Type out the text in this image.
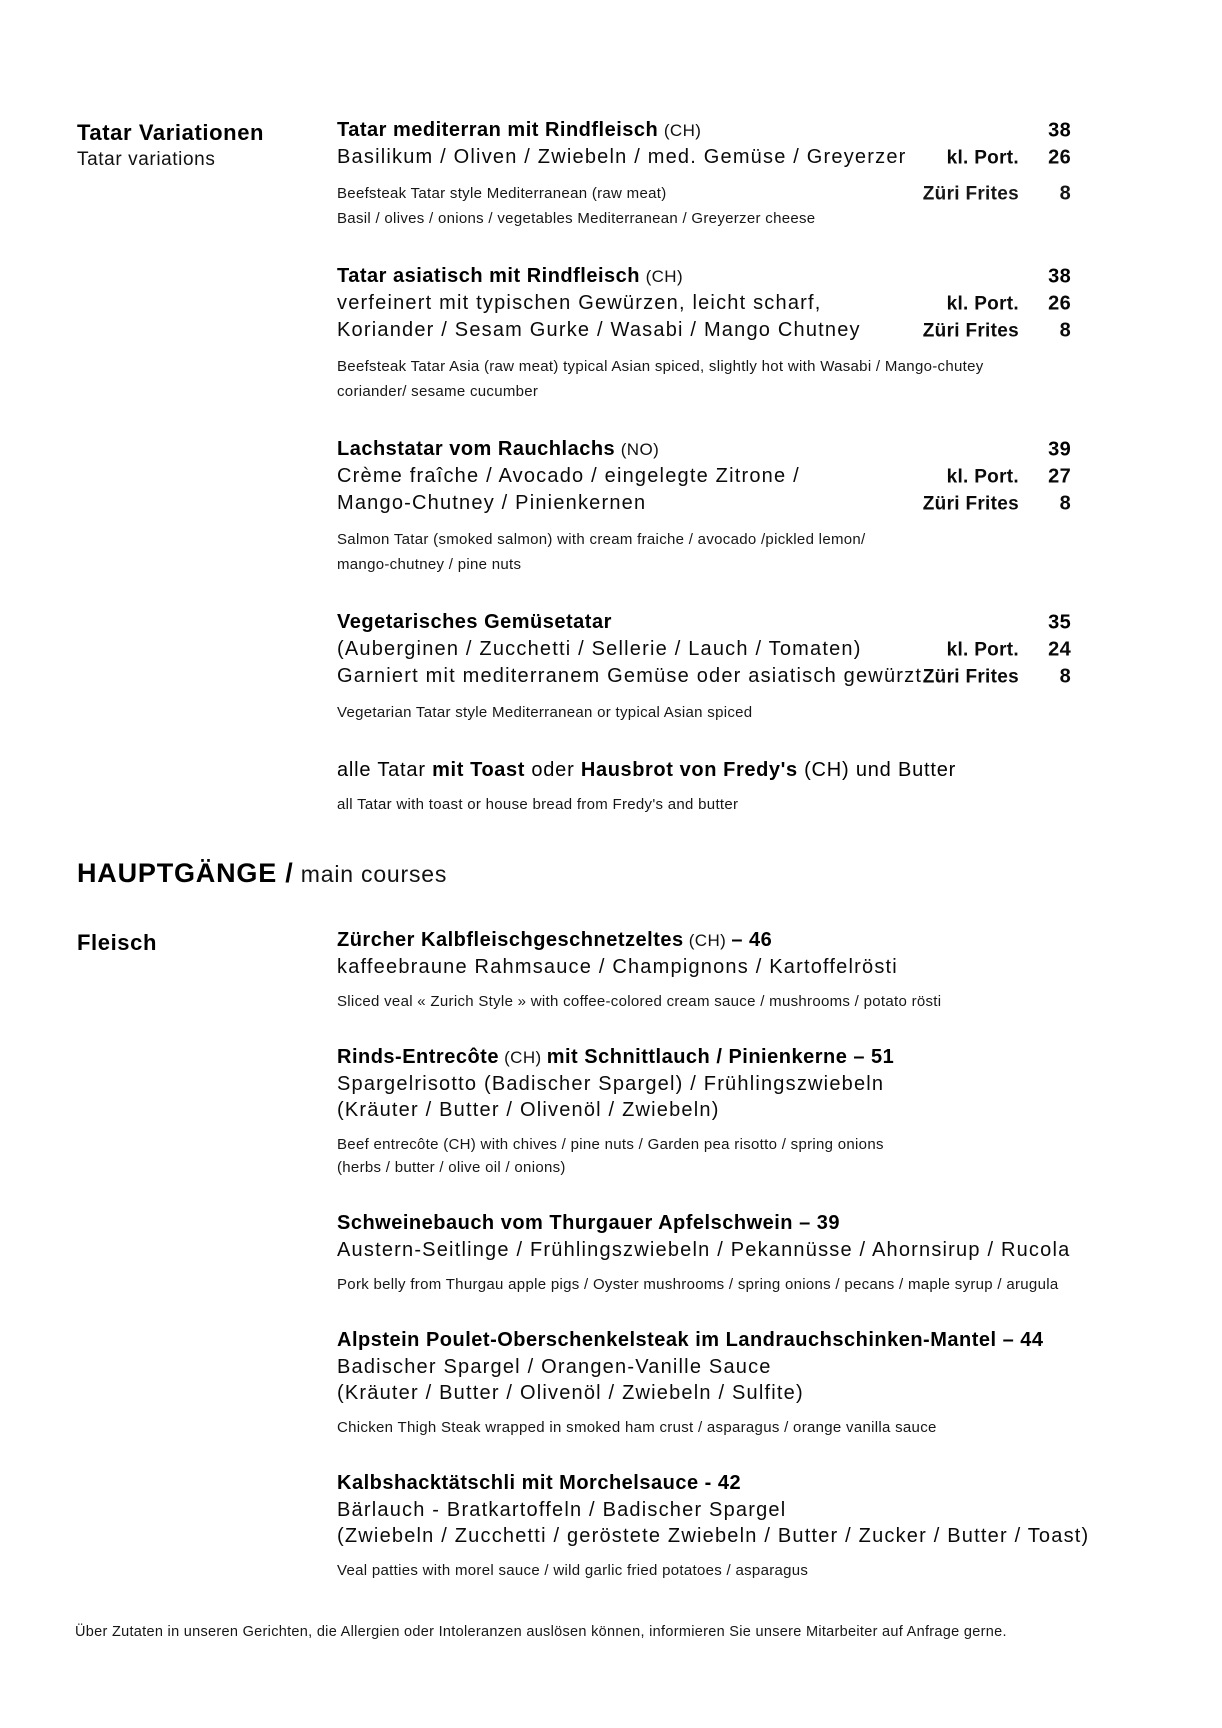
Tatar Variationen
Tatar variations
Tatar mediterran mit Rindfleisch (CH)	38
Basilikum / Oliven / Zwiebeln / med. Gemüse / Greyerzer kl. Port.	26
Beefsteak Tatar style Mediterranean (raw meat)	Züri Frites	8
Basil / olives / onions / vegetables Mediterranean / Greyerzer cheese
Tatar asiatisch mit Rindfleisch (CH)	38
verfeinert mit typischen Gewürzen, leicht scharf,	kl. Port.	26
Koriander / Sesam Gurke / Wasabi / Mango Chutney	Züri Frites	8
Beefsteak Tatar Asia (raw meat) typical Asian spiced, slightly hot with Wasabi / Mango-chutey
coriander/ sesame cucumber
Lachstatar vom Rauchlachs (NO)	39
Crème fraîche / Avocado / eingelegte Zitrone /	kl. Port.	27
Mango-Chutney / Pinienkernen	Züri Frites	8
Salmon Tatar (smoked salmon) with cream fraiche / avocado /pickled lemon/
mango-chutney / pine nuts
Vegetarisches Gemüsetatar	35
(Auberginen / Zucchetti / Sellerie / Lauch / Tomaten)	kl. Port.	24
Garniert mit mediterranem Gemüse oder asiatisch gewürzt Züri Frites	8
Vegetarian Tatar style Mediterranean or typical Asian spiced
alle Tatar mit Toast oder Hausbrot von Fredy's (CH) und Butter
all Tatar with toast or house bread from Fredy's and butter
HAUPTGÄNGE / main courses
Fleisch	Zürcher Kalbfleischgeschnetzeltes (CH) – 46
kaffeebraune Rahmsauce / Champignons / Kartoffelrösti
Sliced veal « Zurich Style » with coffee-colored cream sauce / mushrooms / potato rösti
Rinds-Entrecôte (CH) mit Schnittlauch / Pinienkerne – 51
Spargelrisotto (Badischer Spargel) / Frühlingszwiebeln
(Kräuter / Butter / Olivenöl / Zwiebeln)
Beef entrecôte (CH) with chives / pine nuts / Garden pea risotto / spring onions
(herbs / butter / olive oil / onions)
Schweinebauch vom Thurgauer Apfelschwein – 39
Austern-Seitlinge / Frühlingszwiebeln / Pekannüsse / Ahornsirup / Rucola
Pork belly from Thurgau apple pigs / Oyster mushrooms / spring onions / pecans / maple syrup / arugula
Alpstein Poulet-Oberschenkelsteak im Landrauchschinken-Mantel – 44
Badischer Spargel / Orangen-Vanille Sauce
(Kräuter / Butter / Olivenöl / Zwiebeln / Sulfite)
Chicken Thigh Steak wrapped in smoked ham crust / asparagus / orange vanilla sauce
Kalbshacktätschli mit Morchelsauce - 42
Bärlauch - Bratkartoffeln / Badischer Spargel
(Zwiebeln / Zucchetti / geröstete Zwiebeln / Butter / Zucker / Butter / Toast)
Veal patties with morel sauce / wild garlic fried potatoes / asparagus
Über Zutaten in unseren Gerichten, die Allergien oder Intoleranzen auslösen können, informieren Sie unsere Mitarbeiter auf Anfrage gerne.
